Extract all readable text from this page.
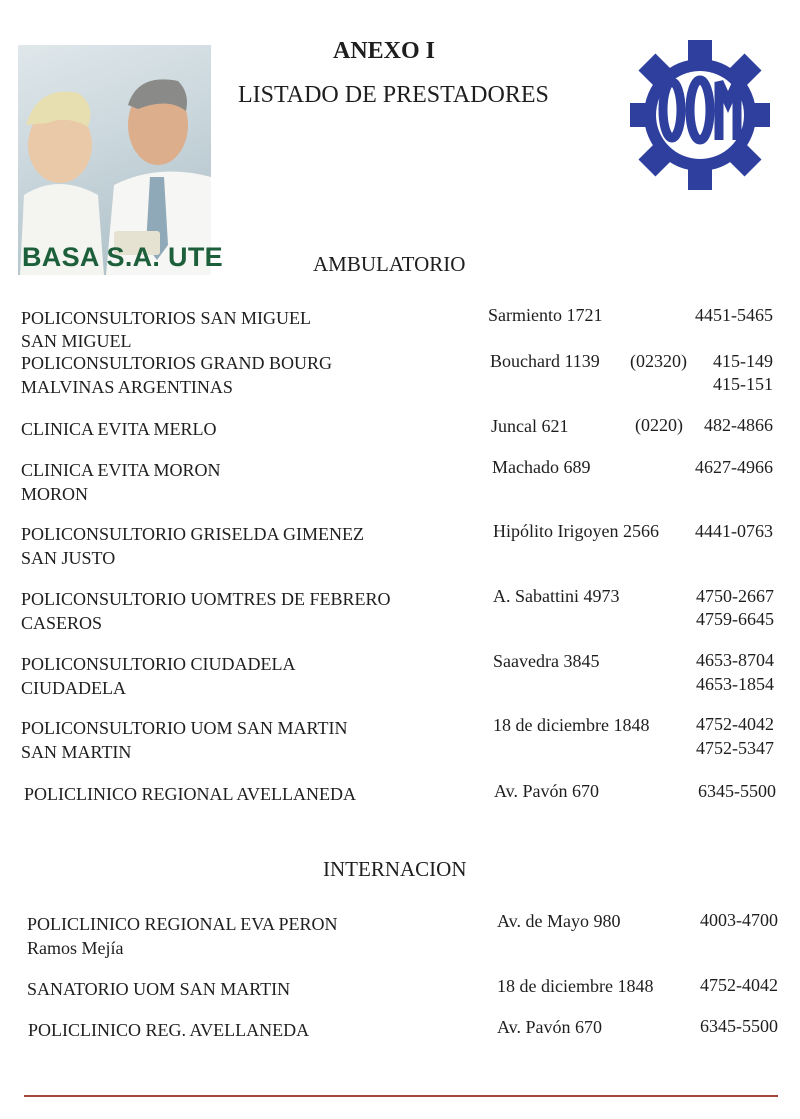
BASA S.A. UTE
ANEXO I
LISTADO DE PRESTADORES
AMBULATORIO
POLICONSULTORIOS SAN MIGUEL
SAN MIGUEL
Sarmiento 1721	4451-5465
POLICONSULTORIOS GRAND BOURG
MALVINAS ARGENTINAS
Bouchard 1139 (02320)	415-149
415-151
CLINICA EVITA MERLO	Juncal 621	(0220)	482-4866
CLINICA EVITA MORON
MORON
Machado 689	4627-4966
POLICONSULTORIO GRISELDA GIMENEZ
SAN JUSTO
Hipólito Irigoyen 2566	4441-0763
POLICONSULTORIO UOMTRES DE FEBRERO
CASEROS
A. Sabattini 4973	4750-2667
4759-6645
POLICONSULTORIO CIUDADELA
CIUDADELA
Saavedra 3845	4653-8704
4653-1854
POLICONSULTORIO UOM SAN MARTIN
SAN MARTIN
18 de diciembre 1848	4752-4042
4752-5347
POLICLINICO REGIONAL AVELLANEDA	Av. Pavón 670	6345-5500
INTERNACION
POLICLINICO REGIONAL EVA PERON
Ramos Mejía
Av. de Mayo 980	4003-4700
SANATORIO UOM SAN MARTIN	18 de diciembre 1848	4752-4042
POLICLINICO REG. AVELLANEDA	Av. Pavón 670	6345-5500
